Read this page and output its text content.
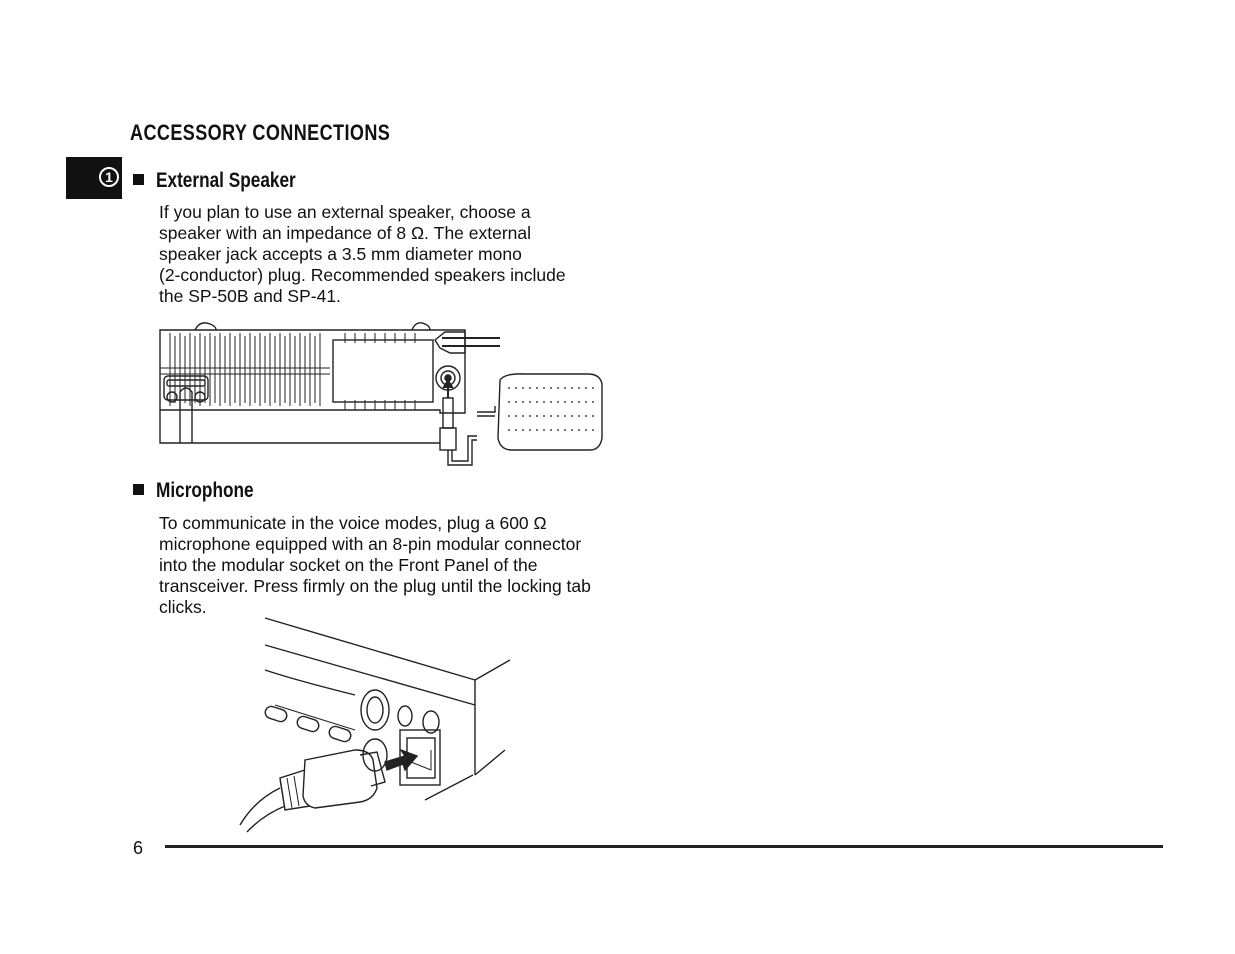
ACCESSORY CONNECTIONS
1	External Speaker

If you plan to use an external speaker, choose a
speaker with an impedance of 8 Ω. The external
speaker jack accepts a 3.5 mm diameter mono
(2-conductor) plug. Recommended speakers include
the SP-50B and SP-41.

Microphone

To communicate in the voice modes, plug a 600 Ω
microphone equipped with an 8-pin modular connector
into the modular socket on the Front Panel of the
transceiver. Press firmly on the plug until the locking tab
clicks.

6
